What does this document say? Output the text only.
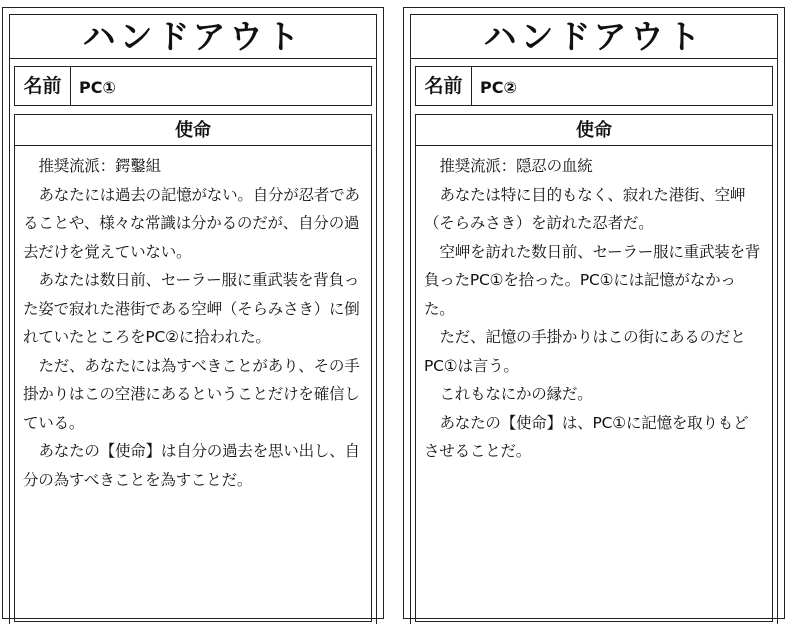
ハンドアウト
名前	PC①
使命

推奨流派：鍔鑿組

あなたには過去の記憶がない。自分が忍者であることや、様々な常識は分かるのだが、自分の過去だけを覚えていない。

あなたは数日前、セーラー服に重武装を背負った姿で寂れた港街である空岬（そらみさき）に倒れていたところをPC②に拾われた。

ただ、あなたには為すべきことがあり、その手掛かりはこの空港にあるということだけを確信している。

あなたの【使命】は自分の過去を思い出し、自分の為すべきことを為すことだ。

ハンドアウト
名前	PC②
使命

推奨流派：隠忍の血統

あなたは特に目的もなく、寂れた港街、空岬（そらみさき）を訪れた忍者だ。

空岬を訪れた数日前、セーラー服に重武装を背負ったPC①を拾った。PC①には記憶がなかった。

ただ、記憶の手掛かりはこの街にあるのだとPC①は言う。

これもなにかの縁だ。

あなたの【使命】は、PC①に記憶を取りもどさせることだ。
